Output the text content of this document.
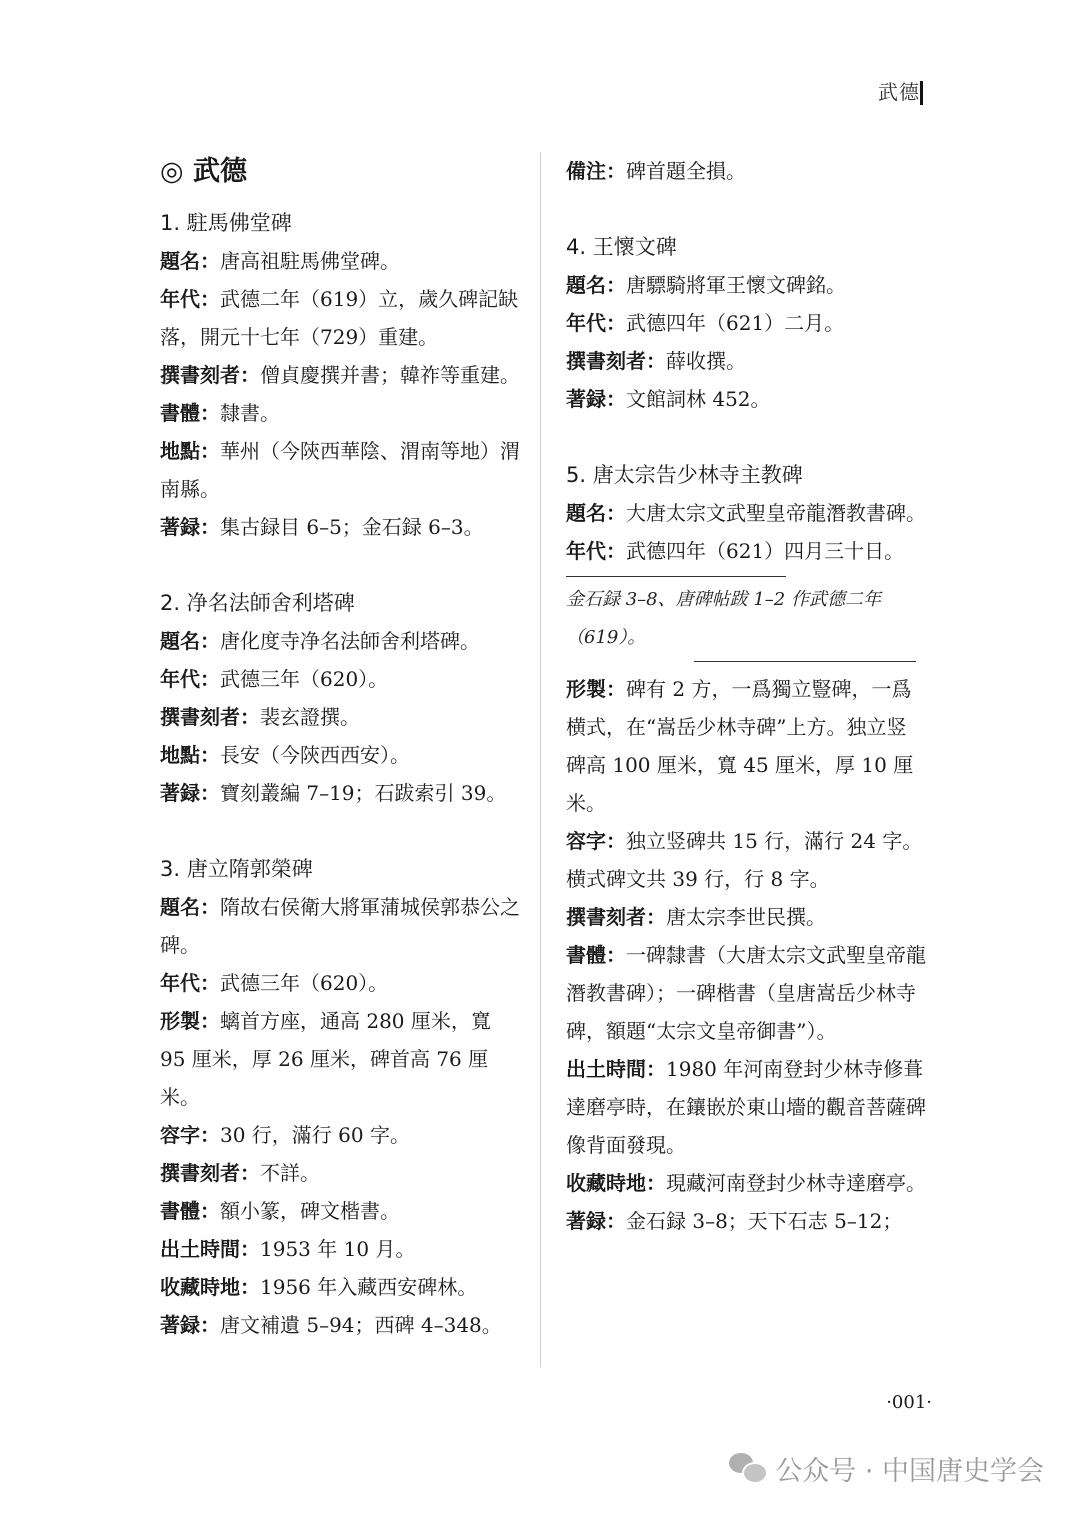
武德
◎ 武德
1. 駐馬佛堂碑
題名：唐高祖駐馬佛堂碑。
年代：武德二年（619）立，歲久碑記缺落，開元十七年（729）重建。
撰書刻者：僧貞慶撰并書；韓祚等重建。
書體：隸書。
地點：華州（今陝西華陰、渭南等地）渭南縣。
著録：集古録目 6–5；金石録 6–3。
2. 净名法師舍利塔碑
題名：唐化度寺净名法師舍利塔碑。
年代：武德三年（620）。
撰書刻者：裴玄證撰。
地點：長安（今陝西西安）。
著録：寶刻叢編 7–19；石跋索引 39。
3. 唐立隋郭榮碑
題名：隋故右侯衛大將軍蒲城侯郭恭公之碑。
年代：武德三年（620）。
形製：螭首方座，通高 280 厘米，寬 95 厘米，厚 26 厘米，碑首高 76 厘米。
容字：30 行，滿行 60 字。
撰書刻者：不詳。
書體：額小篆，碑文楷書。
出土時間：1953 年 10 月。
收藏時地：1956 年入藏西安碑林。
著録：唐文補遺 5–94；西碑 4–348。
備注：碑首題全損。
4. 王懷文碑
題名：唐驃騎將軍王懷文碑銘。
年代：武德四年（621）二月。
撰書刻者：薛收撰。
著録：文館詞林 452。
5. 唐太宗告少林寺主教碑
題名：大唐太宗文武聖皇帝龍潛教書碑。
年代：武德四年（621）四月三十日。
金石録 3–8、唐碑帖跋 1–2 作武德二年（619）。
形製：碑有 2 方，一爲獨立豎碑，一爲横式，在“嵩岳少林寺碑”上方。独立竖碑高 100 厘米，寬 45 厘米，厚 10 厘米。
容字：独立竖碑共 15 行，滿行 24 字。横式碑文共 39 行，行 8 字。
撰書刻者：唐太宗李世民撰。
書體：一碑隸書（大唐太宗文武聖皇帝龍潛教書碑）；一碑楷書（皇唐嵩岳少林寺碑，額題“太宗文皇帝御書”）。
出土時間：1980 年河南登封少林寺修葺達磨亭時，在鑲嵌於東山墻的觀音菩薩碑像背面發現。
收藏時地：現藏河南登封少林寺達磨亭。
著録：金石録 3–8；天下石志 5–12；
·001·
公众号 · 中国唐史学会
